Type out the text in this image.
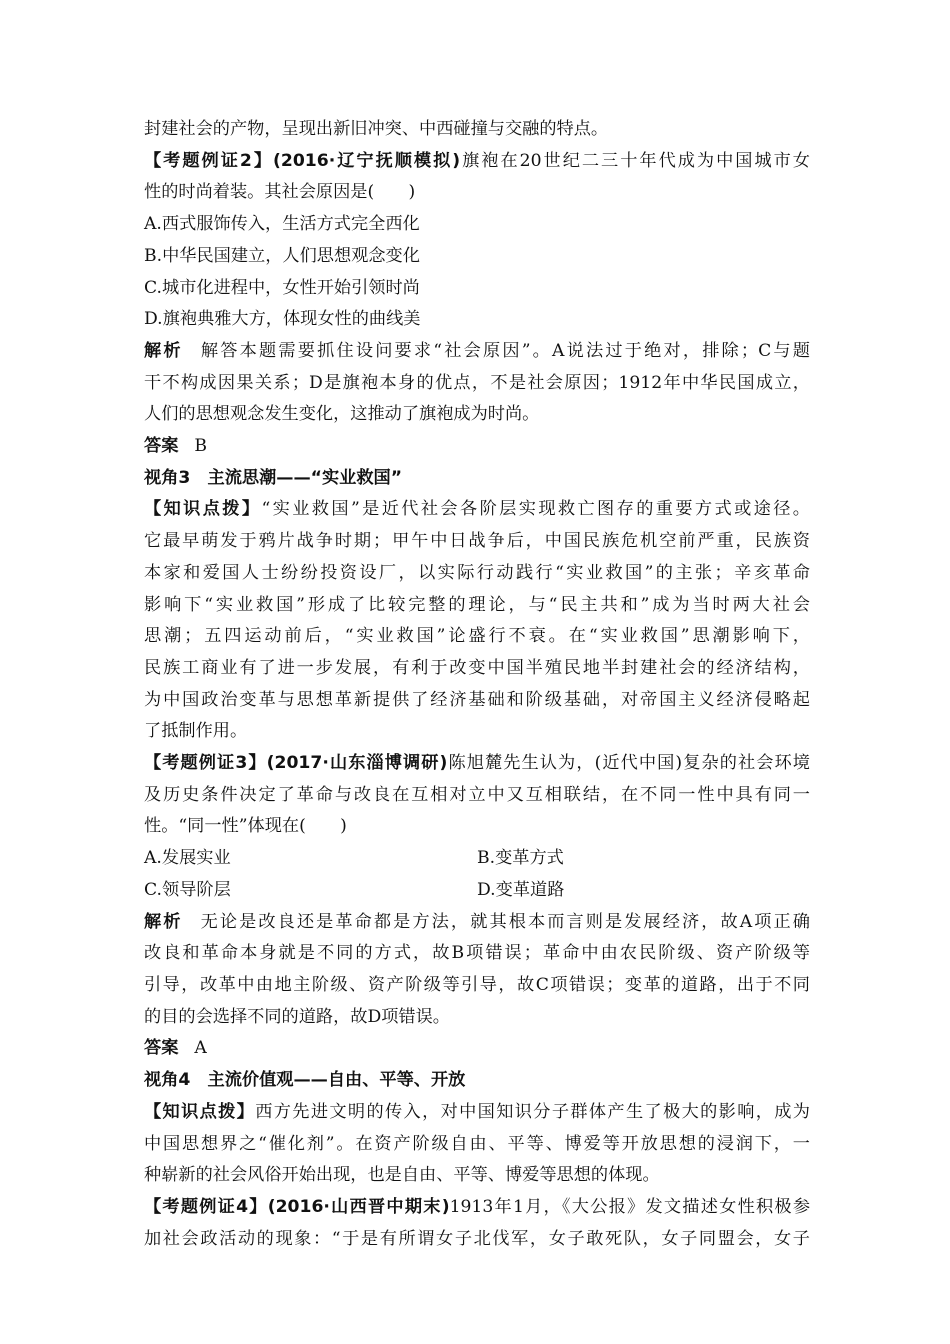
封建社会的产物，呈现出新旧冲突、中西碰撞与交融的特点。

【考题例证2】(2016·辽宁抚顺模拟)旗袍在20世纪二三十年代成为中国城市女

性的时尚着装。其社会原因是(　　)

A.西式服饰传入，生活方式完全西化

B.中华民国建立，人们思想观念变化

C.城市化进程中，女性开始引领时尚

D.旗袍典雅大方，体现女性的曲线美

解析 解答本题需要抓住设问要求“社会原因”。A说法过于绝对，排除；C与题

干不构成因果关系；D是旗袍本身的优点，不是社会原因；1912年中华民国成立，

人们的思想观念发生变化，这推动了旗袍成为时尚。

答案 B

视角3　主流思潮——“实业救国”

【知识点拨】“实业救国”是近代社会各阶层实现救亡图存的重要方式或途径。

它最早萌发于鸦片战争时期；甲午中日战争后，中国民族危机空前严重，民族资

本家和爱国人士纷纷投资设厂，以实际行动践行“实业救国”的主张；辛亥革命

影响下“实业救国”形成了比较完整的理论，与“民主共和”成为当时两大社会

思潮；五四运动前后，“实业救国”论盛行不衰。在“实业救国”思潮影响下，

民族工商业有了进一步发展，有利于改变中国半殖民地半封建社会的经济结构，

为中国政治变革与思想革新提供了经济基础和阶级基础，对帝国主义经济侵略起

了抵制作用。

【考题例证3】(2017·山东淄博调研)陈旭麓先生认为，(近代中国)复杂的社会环境

及历史条件决定了革命与改良在互相对立中又互相联结，在不同一性中具有同一

性。“同一性”体现在(　　)

A.发展实业	B.变革方式

C.领导阶层	D.变革道路

解析 无论是改良还是革命都是方法，就其根本而言则是发展经济，故A项正确

改良和革命本身就是不同的方式，故B项错误；革命中由农民阶级、资产阶级等

引导，改革中由地主阶级、资产阶级等引导，故C项错误；变革的道路，出于不同

的目的会选择不同的道路，故D项错误。

答案 A

视角4　主流价值观——自由、平等、开放

【知识点拨】西方先进文明的传入，对中国知识分子群体产生了极大的影响，成为

中国思想界之“催化剂”。在资产阶级自由、平等、博爱等开放思想的浸润下，一

种崭新的社会风俗开始出现，也是自由、平等、博爱等思想的体现。

【考题例证4】(2016·山西晋中期末)1913年1月，《大公报》发文描述女性积极参

加社会政活动的现象：“于是有所谓女子北伐军，女子敢死队，女子同盟会，女子
